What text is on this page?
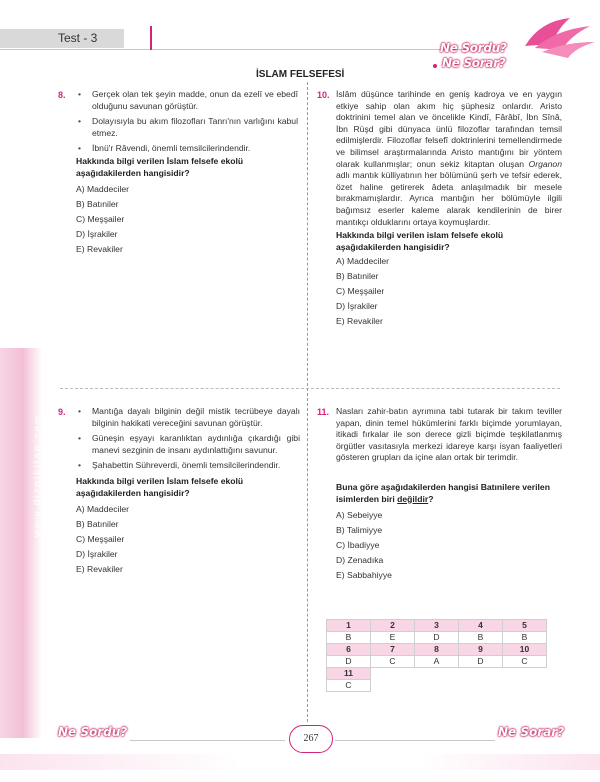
Test - 3
Ne Sordu?
Ne Sorar?
www.dizgikitap.com
İSLAM FELSEFESİ
8.	• Gerçek olan tek şeyin madde, onun da ezelî ve ebedî olduğunu savunan görüştür.
• Dolayısıyla bu akım filozofları Tanrı'nın varlığını kabul etmez.
• İbnü'r Râvendi, önemli temsilcilerindendir.
Hakkında bilgi verilen İslam felsefe ekolü aşağıdakilerden hangisidir?
A) Maddeciler
B) Batıniler
C) Meşşailer
D) İşrakiler
E) Revakiler
10. İslâm düşünce tarihinde en geniş kadroya ve en yaygın etkiye sahip olan akım hiç şüphesiz onlardır. Aristo doktrinini temel alan ve öncelikle Kindî, Fârâbî, İbn Sînâ, İbn Rüşd gibi dünyaca ünlü filozoflar tarafından temsil edilmişlerdir. Filozoflar felsefî doktrinlerini temellendirmede ve bilimsel araştırmalarında Aristo mantığını bir yöntem olarak kullanmışlar; onun sekiz kitaptan oluşan Organon adlı mantık külliyatının her bölümünü şerh ve tefsir ederek, özet haline getirerek âdeta anlaşılmadık bir mesele bırakmamışlardır. Ayrıca mantığın her bölümüyle ilgili bağımsız eserler kaleme alarak kendilerinin de birer mantıkçı olduklarını ortaya koymuşlardır.
Hakkında bilgi verilen islam felsefe ekolü aşağıdakilerden hangisidir?
A) Maddeciler
B) Batıniler
C) Meşşailer
D) İşrakiler
E) Revakiler
9.	• Mantığa dayalı bilginin değil mistik tecrübeye dayalı bilginin hakikati vereceğini savunan görüştür.
• Güneşin eşyayı karanlıktan aydınlığa çıkardığı gibi manevi sezginin de insanı aydınlattığını savunur.
• Şahabettin Sühreverdi, önemli temsilcilerindendir.
Hakkında bilgi verilen İslam felsefe ekolü aşağıdakilerden hangisidir?
A) Maddeciler
B) Batıniler
C) Meşşailer
D) İşrakiler
E) Revakiler
11. Nasları zahir-batın ayrımına tabi tutarak bir takım teviller yapan, dinin temel hükümlerini farklı biçimde yorumlayan, itikadi fırkalar ile son derece gizli biçimde teşkilatlanmış örgütler vasıtasıyla merkezi idareye karşı isyan faaliyetleri gösteren grupları da içine alan ortak bir terimdir.
Buna göre aşağıdakilerden hangisi Batınilere verilen isimlerden biri değildir?
A) Sebeiyye
B) Talimiyye
C) İbadiyye
D) Zenadıka
E) Sabbahiyye
1	2	3	4	5
B	E	D	B	B
6	7	8	9	10
D	C	A	D	C
11				
C				
Ne Sordu?	Ne Sorar?
267
